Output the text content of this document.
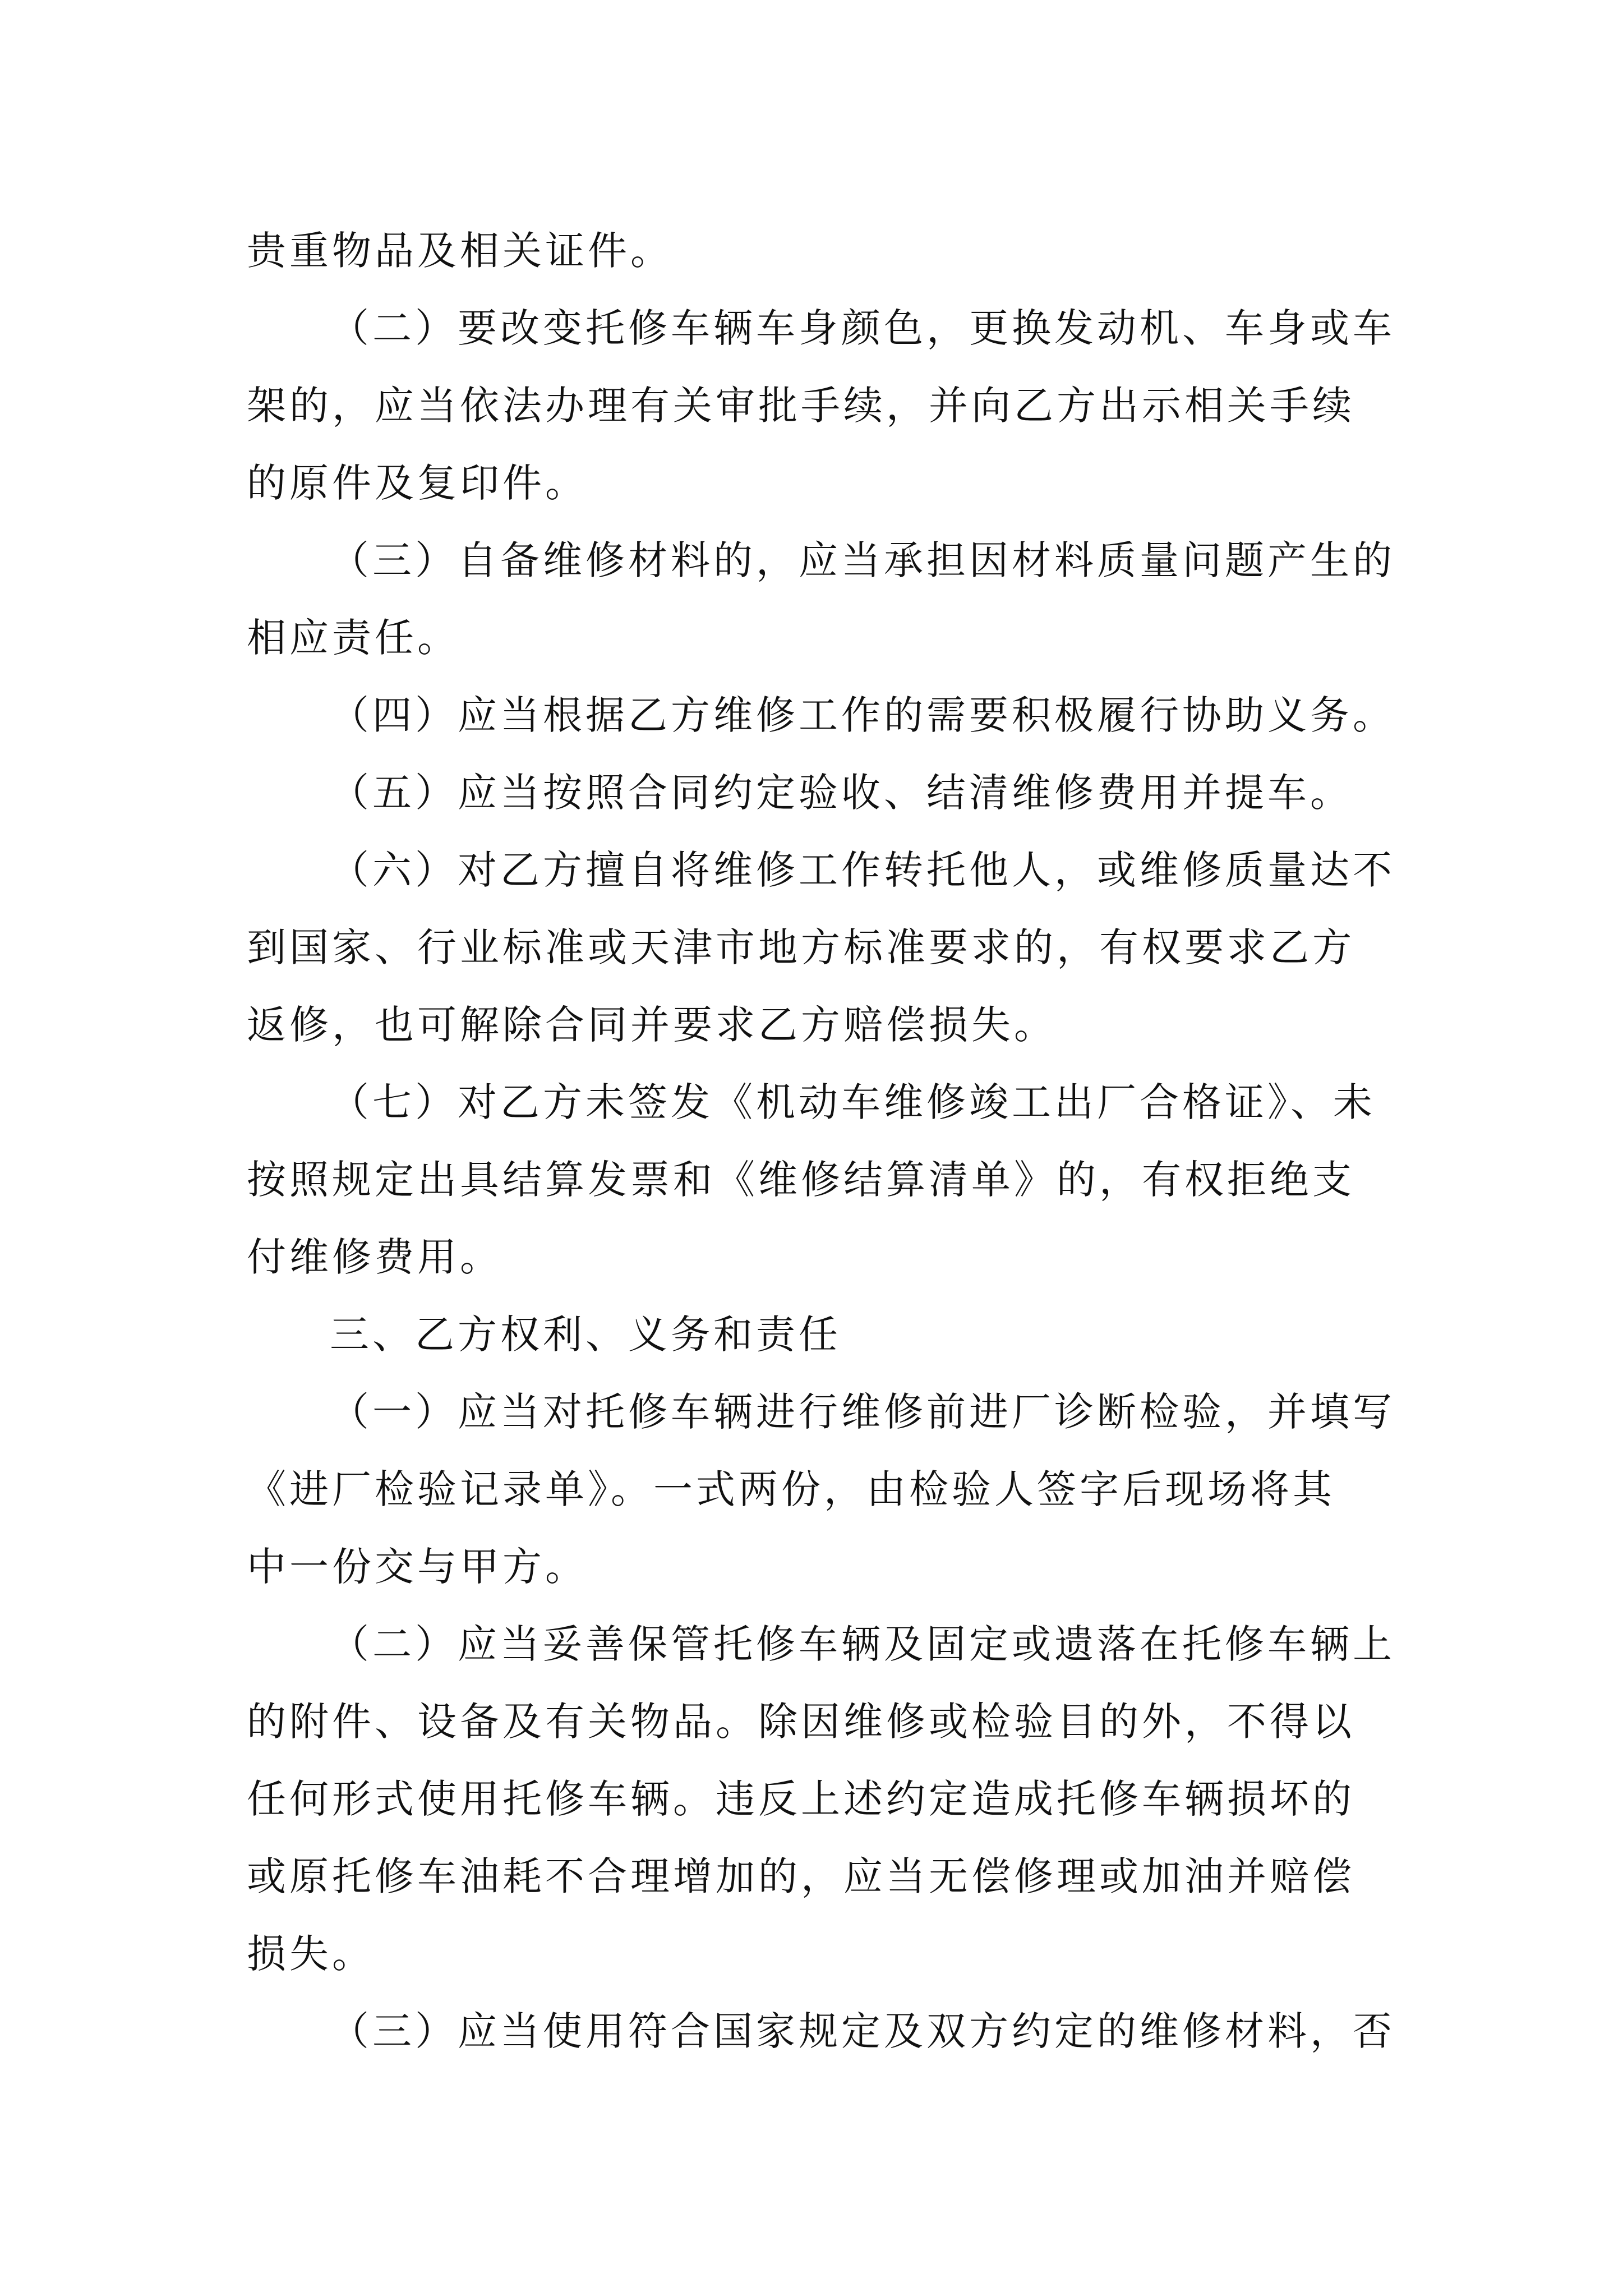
贵重物品及相关证件。
（二）要改变托修车辆车身颜色，更换发动机、车身或车
架的，应当依法办理有关审批手续，并向乙方出示相关手续
的原件及复印件。
（三）自备维修材料的，应当承担因材料质量问题产生的
相应责任。
（四）应当根据乙方维修工作的需要积极履行协助义务。
（五）应当按照合同约定验收、结清维修费用并提车。
（六）对乙方擅自将维修工作转托他人，或维修质量达不
到国家、行业标准或天津市地方标准要求的，有权要求乙方
返修，也可解除合同并要求乙方赔偿损失。
（七）对乙方未签发《机动车维修竣工出厂合格证》、未
按照规定出具结算发票和《维修结算清单》的，有权拒绝支
付维修费用。
三、乙方权利、义务和责任
（一）应当对托修车辆进行维修前进厂诊断检验，并填写
《进厂检验记录单》。一式两份，由检验人签字后现场将其
中一份交与甲方。
（二）应当妥善保管托修车辆及固定或遗落在托修车辆上
的附件、设备及有关物品。除因维修或检验目的外，不得以
任何形式使用托修车辆。违反上述约定造成托修车辆损坏的
或原托修车油耗不合理增加的，应当无偿修理或加油并赔偿
损失。
（三）应当使用符合国家规定及双方约定的维修材料，否
